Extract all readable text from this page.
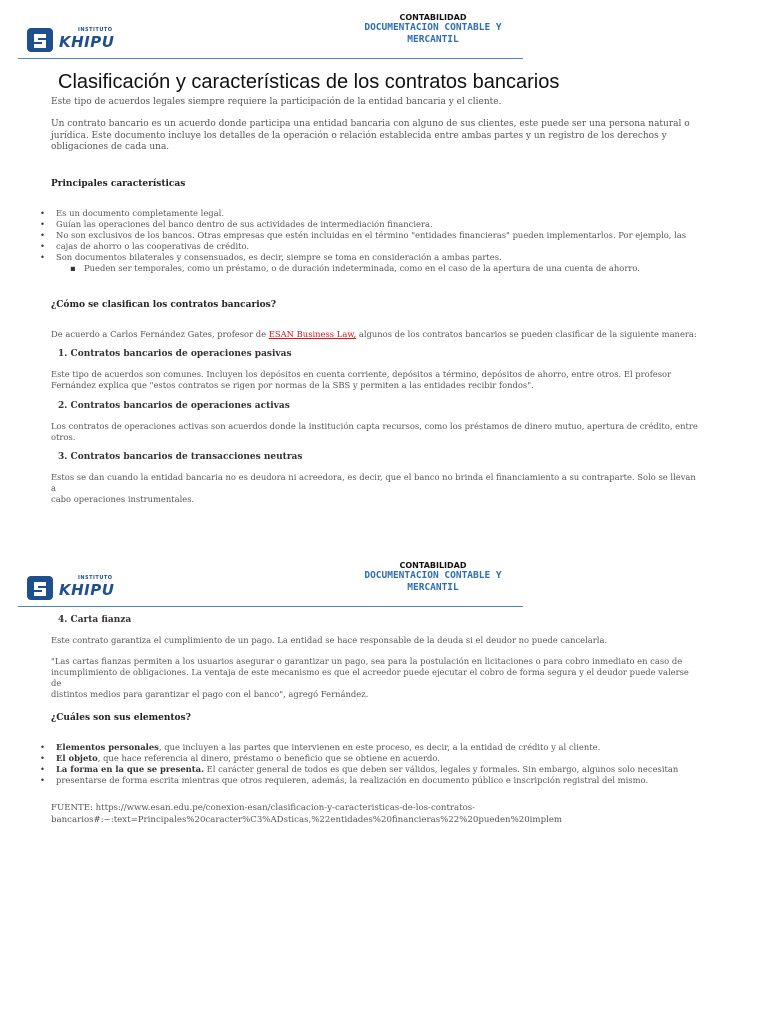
INSTITUTO
KHIPU
CONTABILIDAD
DOCUMENTACION CONTABLE Y
MERCANTIL
Clasificación y características de los contratos bancarios

Este tipo de acuerdos legales siempre requiere la participación de la entidad bancaria y el cliente.

Un contrato bancario es un acuerdo donde participa una entidad bancaria con alguno de sus clientes, este puede ser una persona natural o
jurídica. Este documento incluye los detalles de la operación o relación establecida entre ambas partes y un registro de los derechos y
obligaciones de cada una.

Principales características

• Es un documento completamente legal.
• Guían las operaciones del banco dentro de sus actividades de intermediación financiera.
• No son exclusivos de los bancos. Otras empresas que estén incluidas en el término "entidades financieras" pueden implementarlos. Por ejemplo, las
• cajas de ahorro o las cooperativas de crédito.
• Son documentos bilaterales y consensuados, es decir, siempre se toma en consideración a ambas partes.
▪ Pueden ser temporales, como un préstamo, o de duración indeterminada, como en el caso de la apertura de una cuenta de ahorro.

¿Cómo se clasifican los contratos bancarios?

De acuerdo a Carlos Fernández Gates, profesor de ESAN Business Law, algunos de los contratos bancarios se pueden clasificar de la siguiente manera:

1. Contratos bancarios de operaciones pasivas

Este tipo de acuerdos son comunes. Incluyen los depósitos en cuenta corriente, depósitos a término, depósitos de ahorro, entre otros. El profesor
Fernández explica que "estos contratos se rigen por normas de la SBS y permiten a las entidades recibir fondos".

2. Contratos bancarios de operaciones activas

Los contratos de operaciones activas son acuerdos donde la institución capta recursos, como los préstamos de dinero mutuo, apertura de crédito, entre
otros.

3. Contratos bancarios de transacciones neutras

Estos se dan cuando la entidad bancaria no es deudora ni acreedora, es decir, que el banco no brinda el financiamiento a su contraparte. Solo se llevan a
cabo operaciones instrumentales.
INSTITUTO
KHIPU
CONTABILIDAD
DOCUMENTACION CONTABLE Y
MERCANTIL

4. Carta fianza

Este contrato garantiza el cumplimiento de un pago. La entidad se hace responsable de la deuda si el deudor no puede cancelarla.

"Las cartas fianzas permiten a los usuarios asegurar o garantizar un pago, sea para la postulación en licitaciones o para cobro inmediato en caso de
incumplimiento de obligaciones. La ventaja de este mecanismo es que el acreedor puede ejecutar el cobro de forma segura y el deudor puede valerse de
distintos medios para garantizar el pago con el banco", agregó Fernández.

¿Cuáles son sus elementos?

• Elementos personales, que incluyen a las partes que intervienen en este proceso, es decir, a la entidad de crédito y al cliente.
• El objeto, que hace referencia al dinero, préstamo o beneficio que se obtiene en acuerdo.
• La forma en la que se presenta. El carácter general de todos es que deben ser válidos, legales y formales. Sin embargo, algunos solo necesitan
• presentarse de forma escrita mientras que otros requieren, además, la realización en documento público e inscripción registral del mismo.
FUENTE: https://www.esan.edu.pe/conexion-esan/clasificacion-y-caracteristicas-de-los-contratos-
bancarios#:~:text=Principales%20caracter%C3%ADsticas,%22entidades%20financieras%22%20pueden%20implem
